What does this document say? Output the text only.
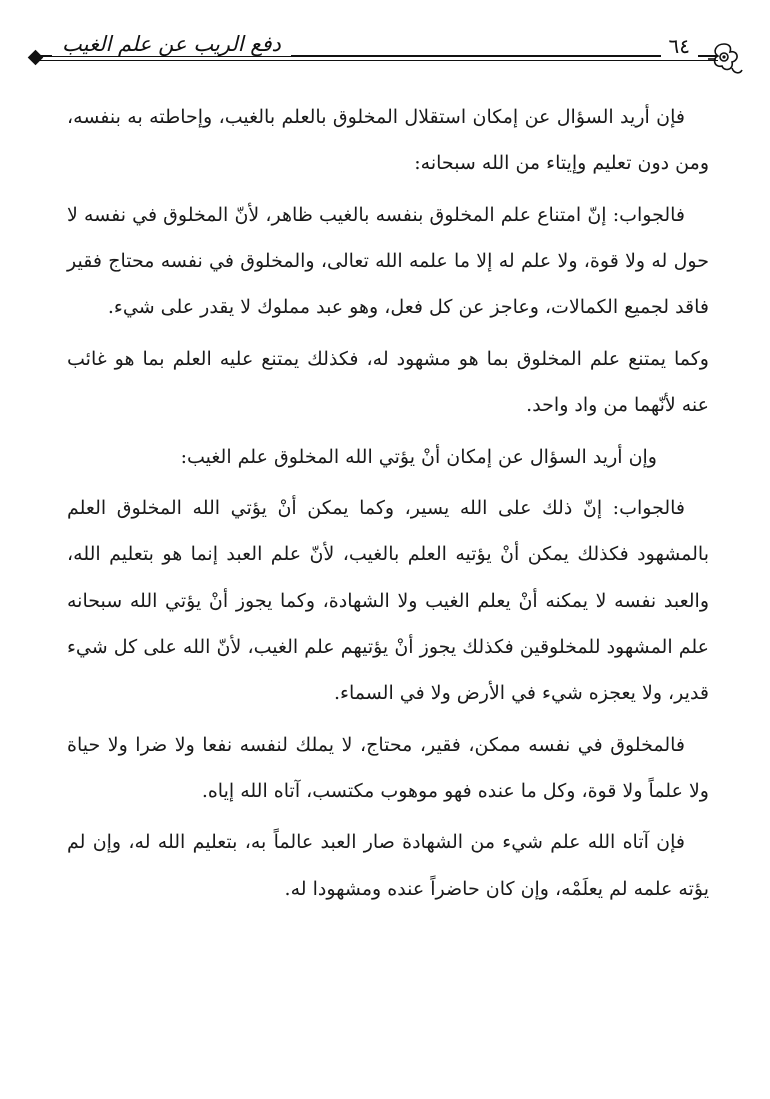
دفع الريب عن علم الغيب	٦٤

فإن أريد السؤال عن إمكان استقلال المخلوق بالعلم بالغيب، وإحاطته به بنفسه، ومن دون تعليم وإيتاء من الله سبحانه:

فالجواب: إنّ امتناع علم المخلوق بنفسه بالغيب ظاهر، لأنّ المخلوق في نفسه لا حول له ولا قوة، ولا علم له إلا ما علمه الله تعالى، والمخلوق في نفسه محتاج فقير فاقد لجميع الكمالات، وعاجز عن كل فعل، وهو عبد مملوك لا يقدر على شيء.

وكما يمتنع علم المخلوق بما هو مشهود له، فكذلك يمتنع عليه العلم بما هو غائب عنه لأنّهما من واد واحد.

وإن أريد السؤال عن إمكان أنْ يؤتي الله المخلوق علم الغيب:

فالجواب: إنّ ذلك على الله يسير، وكما يمكن أنْ يؤتي الله المخلوق العلم بالمشهود فكذلك يمكن أنْ يؤتيه العلم بالغيب، لأنّ علم العبد إنما هو بتعليم الله، والعبد نفسه لا يمكنه أنْ يعلم الغيب ولا الشهادة، وكما يجوز أنْ يؤتي الله سبحانه علم المشهود للمخلوقين فكذلك يجوز أنْ يؤتيهم علم الغيب، لأنّ الله على كل شيء قدير، ولا يعجزه شيء في الأرض ولا في السماء.

فالمخلوق في نفسه ممكن، فقير، محتاج، لا يملك لنفسه نفعا ولا ضرا ولا حياة ولا علماً ولا قوة، وكل ما عنده فهو موهوب مكتسب، آتاه الله إياه.

فإن آتاه الله علم شيء من الشهادة صار العبد عالماً به، بتعليم الله له، وإن لم يؤته علمه لم يعلَمْه، وإن كان حاضراً عنده ومشهودا له.
